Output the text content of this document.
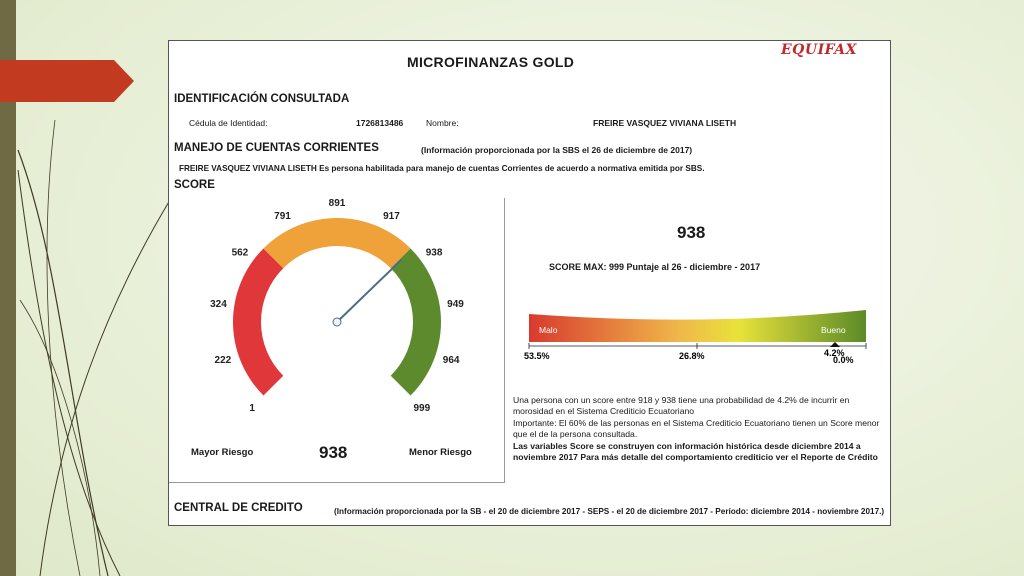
MICROFINANZAS GOLD
EQUIFAX
IDENTIFICACIÓN CONSULTADA
Cédula de Identidad:	1726813486	Nombre:	FREIRE VASQUEZ VIVIANA LISETH
MANEJO DE CUENTAS CORRIENTES	(Información proporcionada por la SBS el 26 de diciembre de 2017)
FREIRE VASQUEZ VIVIANA LISETH Es persona habilitada para manejo de cuentas Corrientes de acuerdo a normativa emitida por SBS.
SCORE
1
222
324
562
791
891
917
938
949
964
999
Mayor Riesgo	938	Menor Riesgo
938
SCORE MAX: 999 Puntaje al 26 - diciembre - 2017
Malo	Bueno
53.5%	26.8%	4.2%
0.0%
Una persona con un score entre 918 y 938 tiene una probabilidad de 4.2% de incurrir en morosidad en el Sistema Crediticio Ecuatoriano
Importante: El 60% de las personas en el Sistema Crediticio Ecuatoriano tienen un Score menor que el de la persona consultada.
Las variables Score se construyen con información histórica desde diciembre 2014 a noviembre 2017 Para más detalle del comportamiento crediticio ver el Reporte de Crédito
CENTRAL DE CREDITO	(Información proporcionada por la SB - el 20 de diciembre 2017 - SEPS - el 20 de diciembre 2017 - Período: diciembre 2014 - noviembre 2017.)
